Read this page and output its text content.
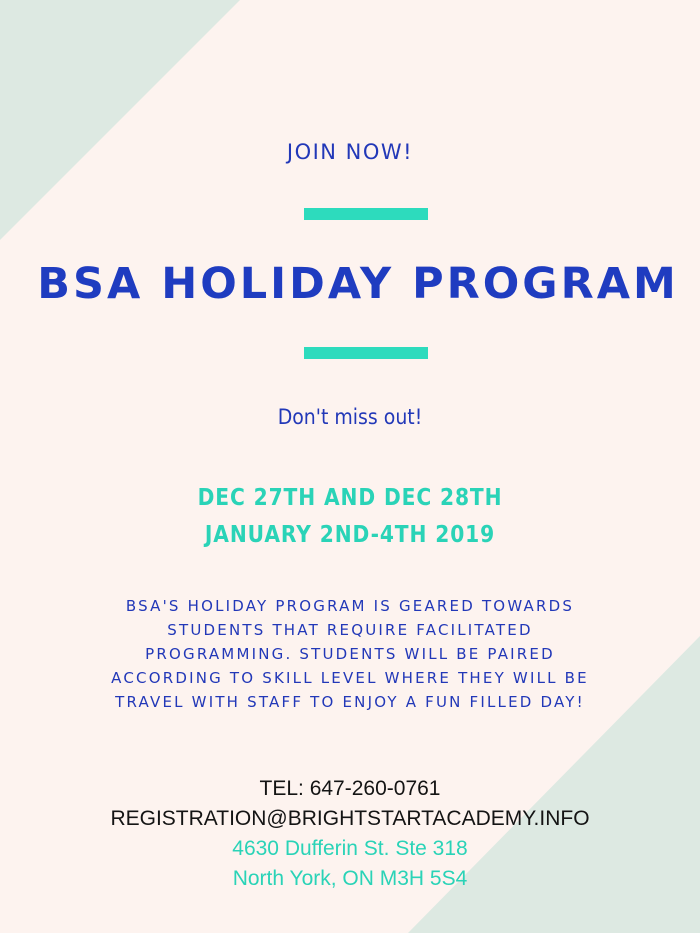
JOIN NOW!
BSA HOLIDAY PROGRAM
Don't miss out!
DEC 27TH AND DEC 28TH
JANUARY 2ND-4TH 2019
BSA'S HOLIDAY PROGRAM IS GEARED TOWARDS
STUDENTS THAT REQUIRE FACILITATED
PROGRAMMING. STUDENTS WILL BE PAIRED
ACCORDING TO SKILL LEVEL WHERE THEY WILL BE
TRAVEL WITH STAFF TO ENJOY A FUN FILLED DAY!
TEL: 647-260-0761
REGISTRATION@BRIGHTSTARTACADEMY.INFO
4630 Dufferin St. Ste 318
North York, ON M3H 5S4
